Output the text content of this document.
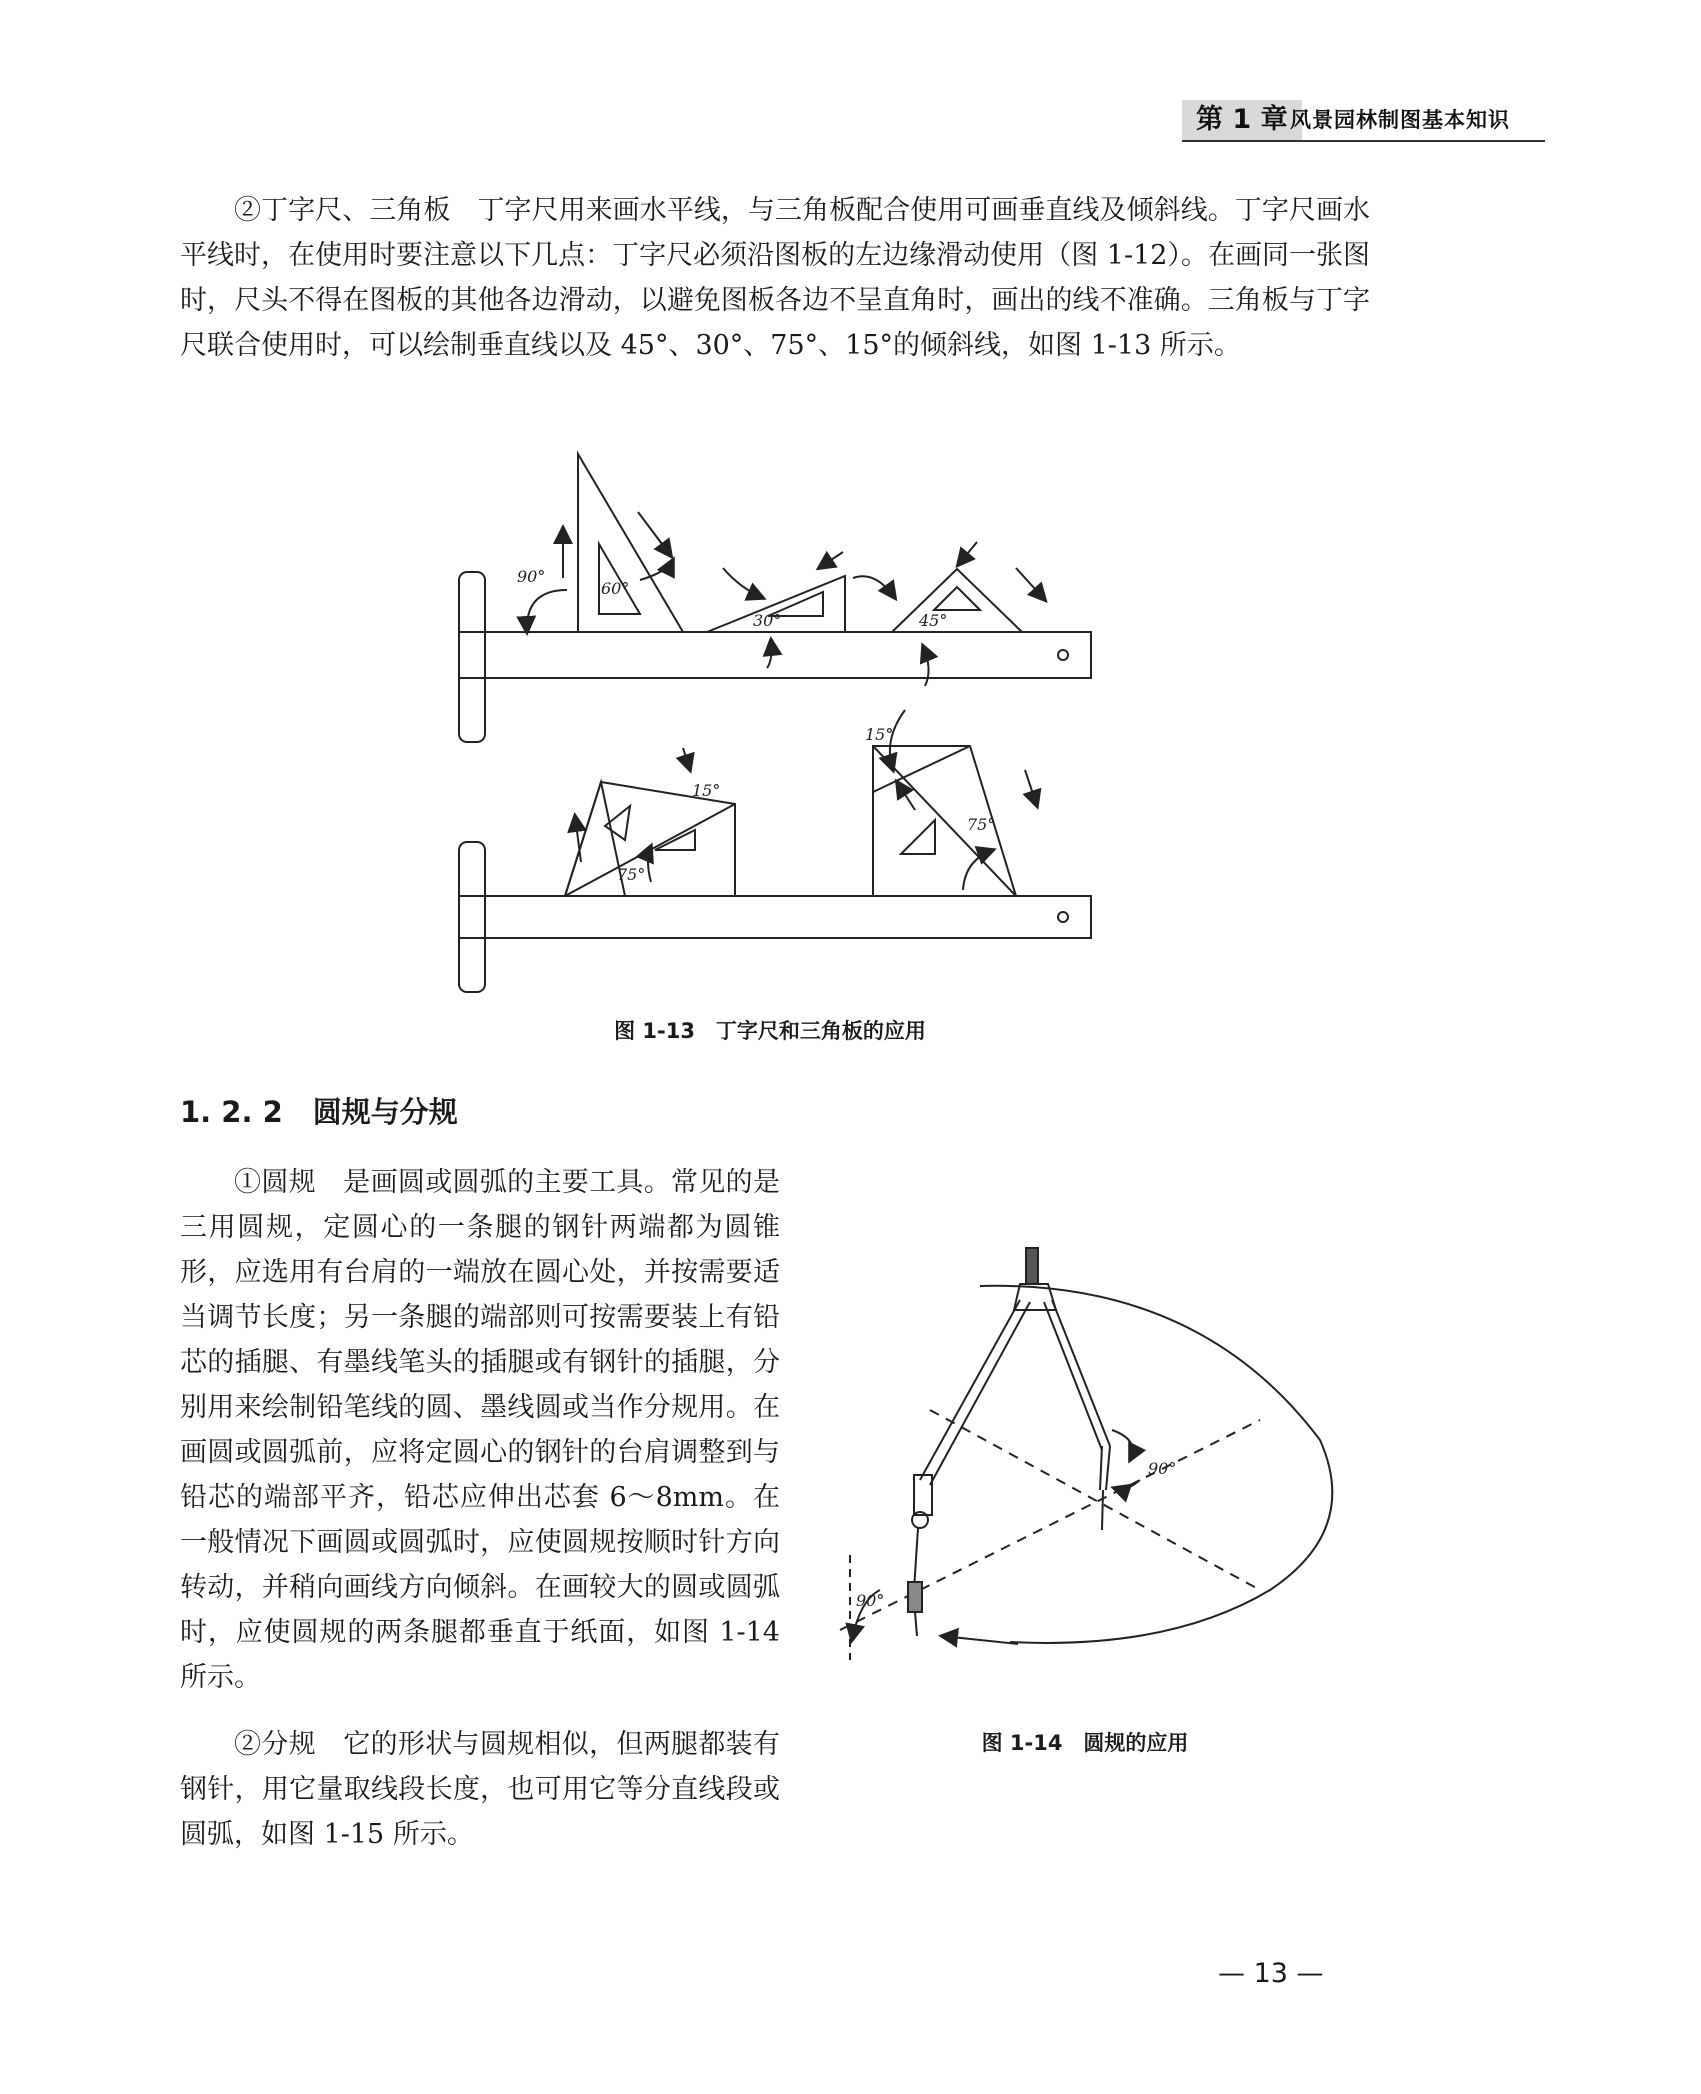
第 1 章 风景园林制图基本知识

②丁字尺、三角板　丁字尺用来画水平线，与三角板配合使用可画垂直线及倾斜线。丁字尺画水平线时，在使用时要注意以下几点：丁字尺必须沿图板的左边缘滑动使用（图 1-12）。在画同一张图时，尺头不得在图板的其他各边滑动，以避免图板各边不呈直角时，画出的线不准确。三角板与丁字尺联合使用时，可以绘制垂直线以及 45°、30°、75°、15°的倾斜线，如图 1-13 所示。

90°
60°
30°	45°
15°
75°
15°
75°
图 1-13　丁字尺和三角板的应用
1. 2. 2 圆规与分规

①圆规　是画圆或圆弧的主要工具。常见的是三用圆规，定圆心的一条腿的钢针两端都为圆锥形，应选用有台肩的一端放在圆心处，并按需要适当调节长度；另一条腿的端部则可按需要装上有铅芯的插腿、有墨线笔头的插腿或有钢针的插腿，分别用来绘制铅笔线的圆、墨线圆或当作分规用。在画圆或圆弧前，应将定圆心的钢针的台肩调整到与铅芯的端部平齐，铅芯应伸出芯套 6～8mm。在一般情况下画圆或圆弧时，应使圆规按顺时针方向转动，并稍向画线方向倾斜。在画较大的圆或圆弧时，应使圆规的两条腿都垂直于纸面，如图 1-14 所示。

②分规　它的形状与圆规相似，但两腿都装有钢针，用它量取线段长度，也可用它等分直线段或圆弧，如图 1-15 所示。

90°
90°
图 1-14　圆规的应用
— 13 —
